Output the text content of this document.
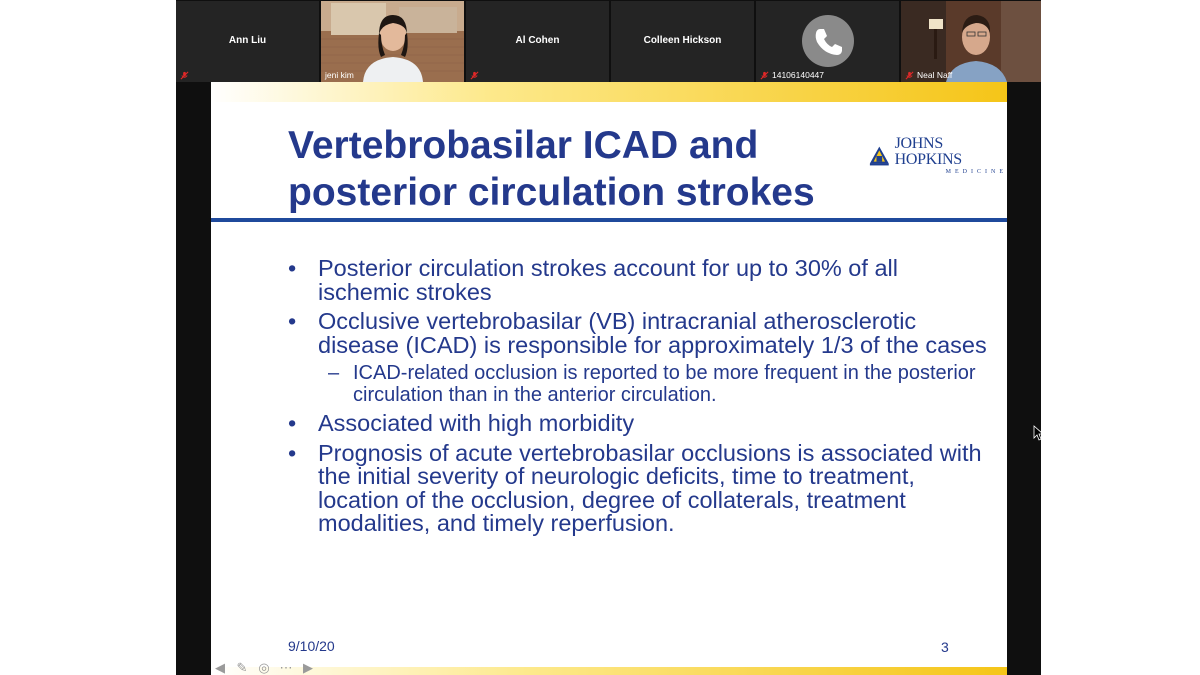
Ann Liu
jeni kim
Al Cohen	Colleen Hickson
14106140447	Neal Naff
Vertebrobasilar ICAD and
posterior circulation strokes
JOHNS HOPKINS
MEDICINE
• Posterior circulation strokes account for up to 30% of all ischemic strokes
• Occlusive vertebrobasilar (VB) intracranial atherosclerotic disease (ICAD) is responsible for approximately 1/3 of the cases
– ICAD-related occlusion is reported to be more frequent in the posterior circulation than in the anterior circulation.
• Associated with high morbidity
• Prognosis of acute vertebrobasilar occlusions is associated with the initial severity of neurologic deficits, time to treatment, location of the occlusion, degree of collaterals, treatment modalities, and timely reperfusion.
9/10/20	3
◀ ✎ ◎ ⋯ ▶
